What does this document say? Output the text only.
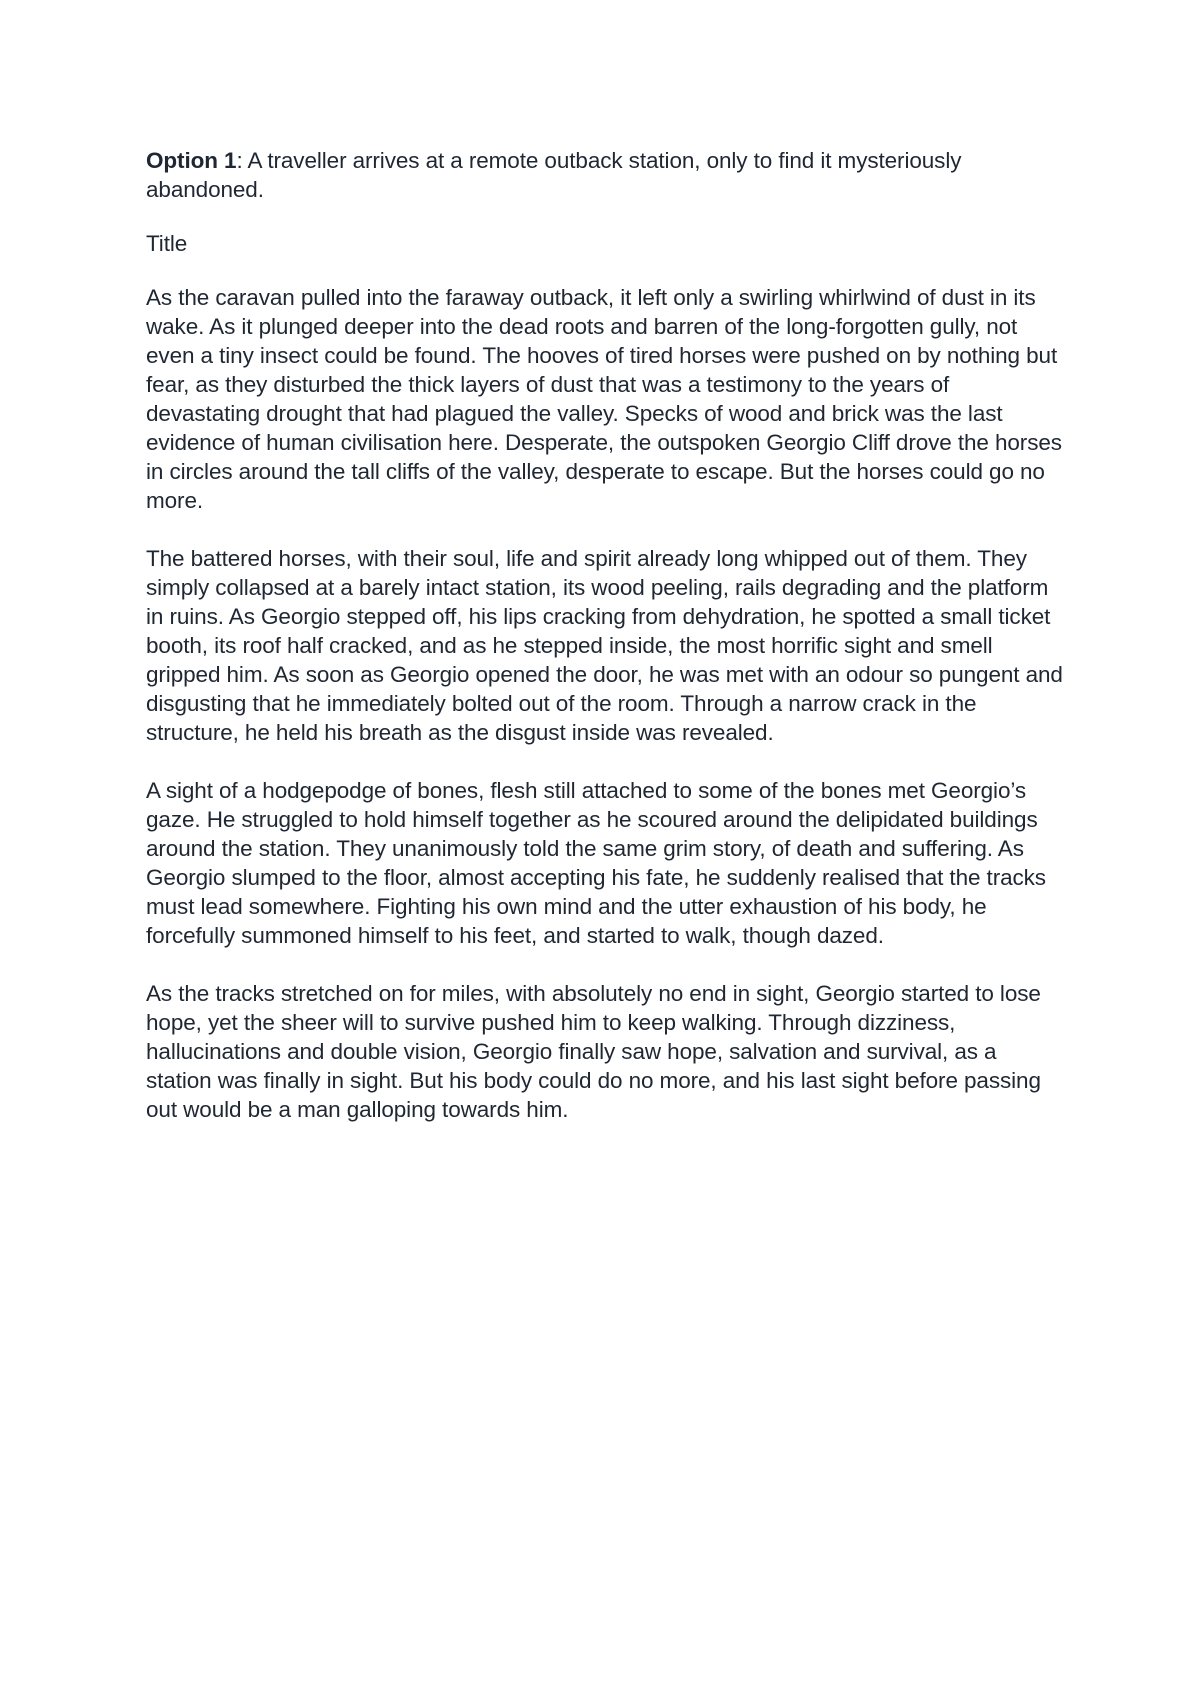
Option 1: A traveller arrives at a remote outback station, only to find it mysteriously abandoned.

Title

As the caravan pulled into the faraway outback, it left only a swirling whirlwind of dust in its wake. As it plunged deeper into the dead roots and barren of the long-forgotten gully, not even a tiny insect could be found. The hooves of tired horses were pushed on by nothing but fear, as they disturbed the thick layers of dust that was a testimony to the years of devastating drought that had plagued the valley. Specks of wood and brick was the last evidence of human civilisation here. Desperate, the outspoken Georgio Cliff drove the horses in circles around the tall cliffs of the valley, desperate to escape. But the horses could go no more.

The battered horses, with their soul, life and spirit already long whipped out of them. They simply collapsed at a barely intact station, its wood peeling, rails degrading and the platform in ruins. As Georgio stepped off, his lips cracking from dehydration, he spotted a small ticket booth, its roof half cracked, and as he stepped inside, the most horrific sight and smell gripped him. As soon as Georgio opened the door, he was met with an odour so pungent and disgusting that he immediately bolted out of the room. Through a narrow crack in the structure, he held his breath as the disgust inside was revealed.

A sight of a hodgepodge of bones, flesh still attached to some of the bones met Georgio’s gaze. He struggled to hold himself together as he scoured around the delipidated buildings around the station. They unanimously told the same grim story, of death and suffering. As Georgio slumped to the floor, almost accepting his fate, he suddenly realised that the tracks must lead somewhere. Fighting his own mind and the utter exhaustion of his body, he forcefully summoned himself to his feet, and started to walk, though dazed.

As the tracks stretched on for miles, with absolutely no end in sight, Georgio started to lose hope, yet the sheer will to survive pushed him to keep walking. Through dizziness, hallucinations and double vision, Georgio finally saw hope, salvation and survival, as a station was finally in sight. But his body could do no more, and his last sight before passing out would be a man galloping towards him.
